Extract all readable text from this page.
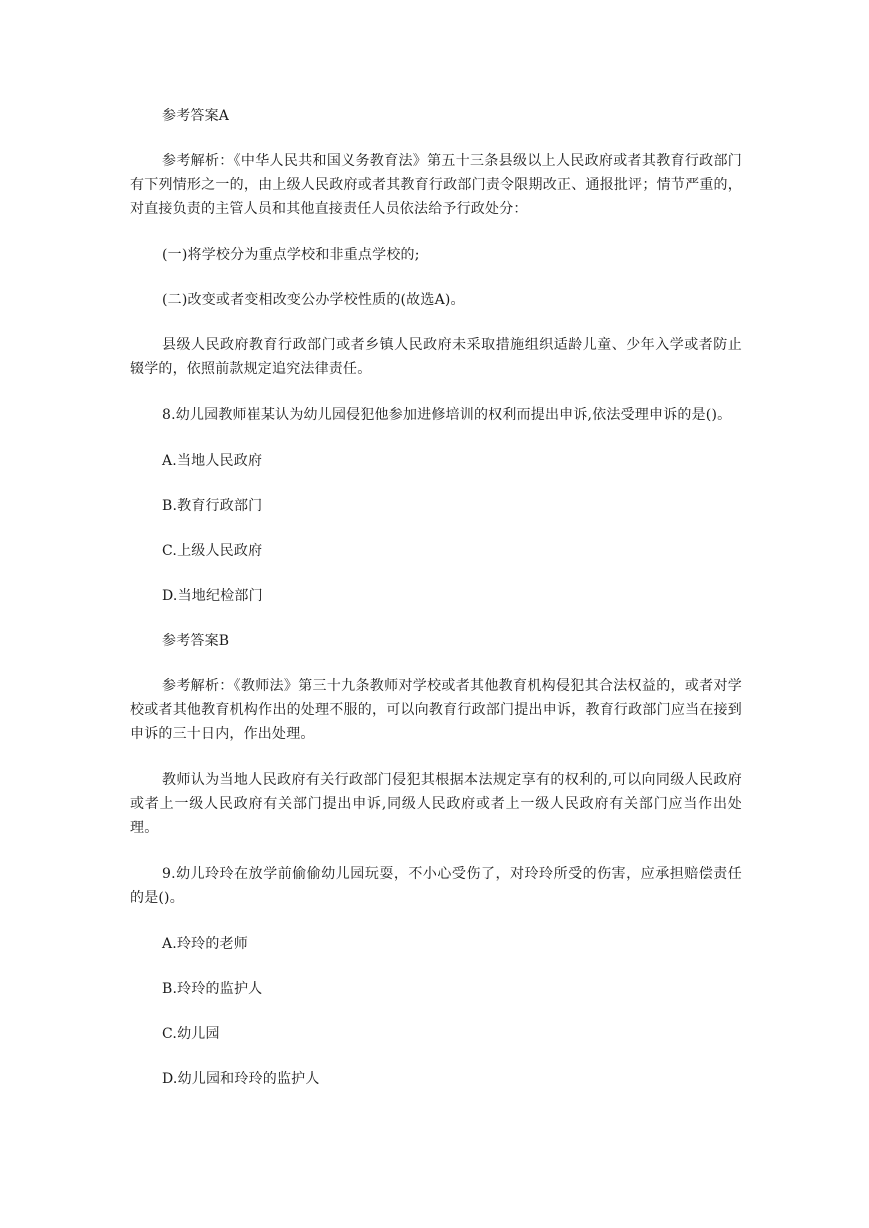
参考答案A

参考解析：《中华人民共和国义务教育法》第五十三条县级以上人民政府或者其教育行政部门有下列情形之一的，由上级人民政府或者其教育行政部门责令限期改正、通报批评；情节严重的，对直接负责的主管人员和其他直接责任人员依法给予行政处分：

(一)将学校分为重点学校和非重点学校的;

(二)改变或者变相改变公办学校性质的(故选A)。

县级人民政府教育行政部门或者乡镇人民政府未采取措施组织适龄儿童、少年入学或者防止辍学的，依照前款规定追究法律责任。

8.幼儿园教师崔某认为幼儿园侵犯他参加进修培训的权利而提出申诉,依法受理申诉的是()。

A.当地人民政府

B.教育行政部门

C.上级人民政府

D.当地纪检部门

参考答案B

参考解析：《教师法》第三十九条教师对学校或者其他教育机构侵犯其合法权益的，或者对学校或者其他教育机构作出的处理不服的，可以向教育行政部门提出申诉，教育行政部门应当在接到申诉的三十日内，作出处理。

教师认为当地人民政府有关行政部门侵犯其根据本法规定享有的权利的,可以向同级人民政府或者上一级人民政府有关部门提出申诉,同级人民政府或者上一级人民政府有关部门应当作出处理。

9.幼儿玲玲在放学前偷偷幼儿园玩耍，不小心受伤了，对玲玲所受的伤害，应承担赔偿责任的是()。

A.玲玲的老师

B.玲玲的监护人

C.幼儿园

D.幼儿园和玲玲的监护人
